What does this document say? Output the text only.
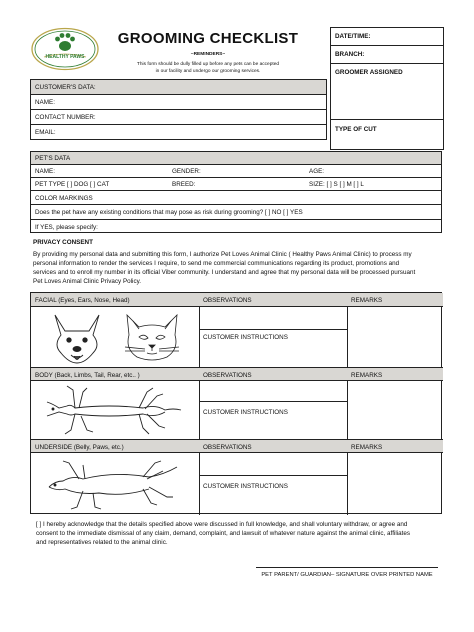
HEALTHY PAWS
GROOMING CHECKLIST
~REMINDERS~
This form should be dully filled up before any pets can be accepted
in our facility and undergo our grooming services.
DATE/TIME:
BRANCH:
GROOMER ASSIGNED
TYPE OF CUT
CUSTOMER'S DATA:
NAME:
CONTACT NUMBER:
EMAIL:
PET'S DATA
NAME:	GENDER:	AGE:
PET TYPE [ ] DOG [ ] CAT	BREED:	SIZE: [ ] S [ ] M [ ] L
COLOR MARKINGS
Does the pet have any existing conditions that may pose as risk during grooming? [ ] NO [ ] YES
If YES, please specify:
PRIVACY CONSENT
By providing my personal data and submitting this form, I authorize Pet Loves Animal Clinic ( Healthy Paws Animal Clinic) to process my
personal information to render the services I require, to send me commercial communications regarding its product, promotions and
services and to enroll my number in its official Viber community. I understand and agree that my personal data will be processed pursuant
Pet Loves Animal Clinic Privacy Policy.
FACIAL (Eyes, Ears, Nose, Head)	OBSERVATIONS	REMARKS
CUSTOMER INSTRUCTIONS
BODY (Back, Limbs, Tail, Rear, etc.. )	OBSERVATIONS	REMARKS
CUSTOMER INSTRUCTIONS
UNDERSIDE (Belly, Paws, etc.)	OBSERVATIONS	REMARKS
CUSTOMER INSTRUCTIONS
[ ] I hereby acknowledge that the details specified above were discussed in full knowledge, and shall voluntary withdraw, or agree and
consent to the immediate dismissal of any claim, demand, complaint, and lawsuit of whatever nature against the animal clinic, affiliates
and representatives related to the animal clinic.
PET PARENT/ GUARDIAN– SIGNATURE OVER PRINTED NAME
